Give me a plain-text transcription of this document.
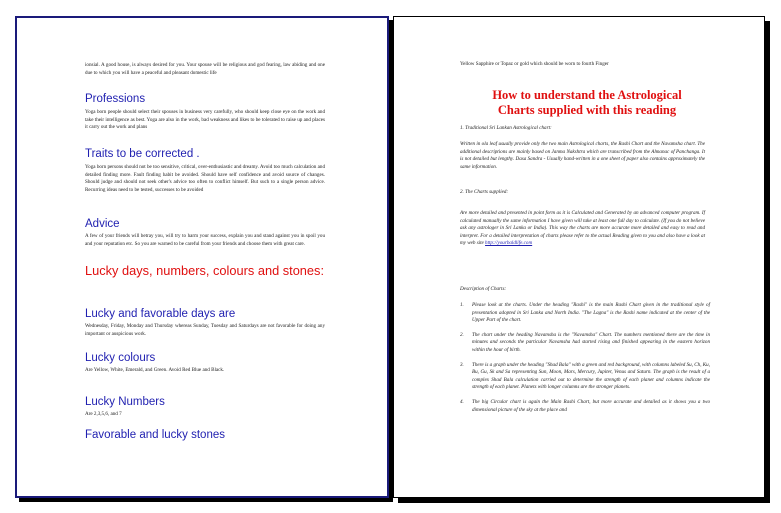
ionsial. A good house, is always desired for you. Your spouse will be religious and god fearing, law abiding and one due to which you will have a peaceful and pleasant domestic life
Professions
Yoga born people should select their spouses in business very carefully, who should keep close eye on the work and take their intelligence as best. Yoga are also in the work, bad weakness and likes to be tolerated to raise up and places it carry out the work and plans
Traits to be corrected .
Yoga born persons should not be too sensitive, critical, over-enthusiastic and dreamy. Avoid too much calculation and detailed finding more. Fault finding habit be avoided. Should have self confidence and avoid source of changes. Should judge and should not seek other's advice too often to conflict himself. But such to a single person advice. Recurring ideas need to be tested, successes to be avoided
Advice
A few of your friends will betray you, will try to harm your success, explain you and stand against you in spoil you and your reputation etc. So you are warned to be careful from your friends and choose them with great care.
Lucky days, numbers, colours and stones:
Lucky and favorable days are
Wednesday, Friday, Monday and Thursday whereas Sunday, Tuesday and Saturdays are not favorable for doing any important or auspicious work.
Lucky colours
Are Yellow, White, Emerald, and Green. Avoid Red Blue and Black.
Lucky Numbers
Are 2,3,5,6, and 7
Favorable and lucky stones
Yellow Sapphire or Topaz or gold which should be worn to fourth Finger
How to understand the Astrological
Charts supplied with this reading
1. Traditional Sri Lankan Astrological chart:
Written in ola leaf usually provide only the two main Astrological charts, the Rashi Chart and the Navamsha chart. The additional descriptions are mainly based on Janma Nakshtra which are transcribed from the Almanac of Panchanga. It is not detailed but lengthy. Dasa Sandra - Usually hand-written in a one sheet of paper also contains approximately the same information.
2. The Charts supplied:
Are more detailed and presented in point form as it is Calculated and Generated by an advanced computer program. If calculated manually the same information I have given will take at least one full day to calculate. (If you do not believe ask any astrologer in Sri Lanka or India). This way the charts are more accurate more detailed and easy to read and interpret. For a detailed interpretation of charts please refer to the actual Reading given to you and also have a look at my web site http://yourbaldlife.com
Description of Charts:
1.	Please look at the charts. Under the heading "Rashi" is the main Rashi Chart given in the traditional style of presentation adopted in Sri Lanka and North India. "The Lagna" is the Rashi name indicated at the center of the Upper Part of the chart.
2.	The chart under the heading Navamsha is the "Navamsha" Chart. The numbers mentioned there are the time in minutes and seconds the particular Navamsha had started rising and finished appearing in the eastern horizon within the hour of birth.
3.	There is a graph under the heading "Shad Bala" with a green and red background, with columns labeled Su, Ch, Ku, Bu, Gu, Sk and Sa representing Sun, Moon, Mars, Mercury, Jupiter, Venus and Saturn. The graph is the result of a complex Shad Bala calculation carried out to determine the strength of each planet and columns indicate the strength of each planet. Planets with longer columns are the stronger planets.
4.	The big Circular chart is again the Main Rashi Chart, but more accurate and detailed as it shows you a two dimensional picture of the sky at the place and
